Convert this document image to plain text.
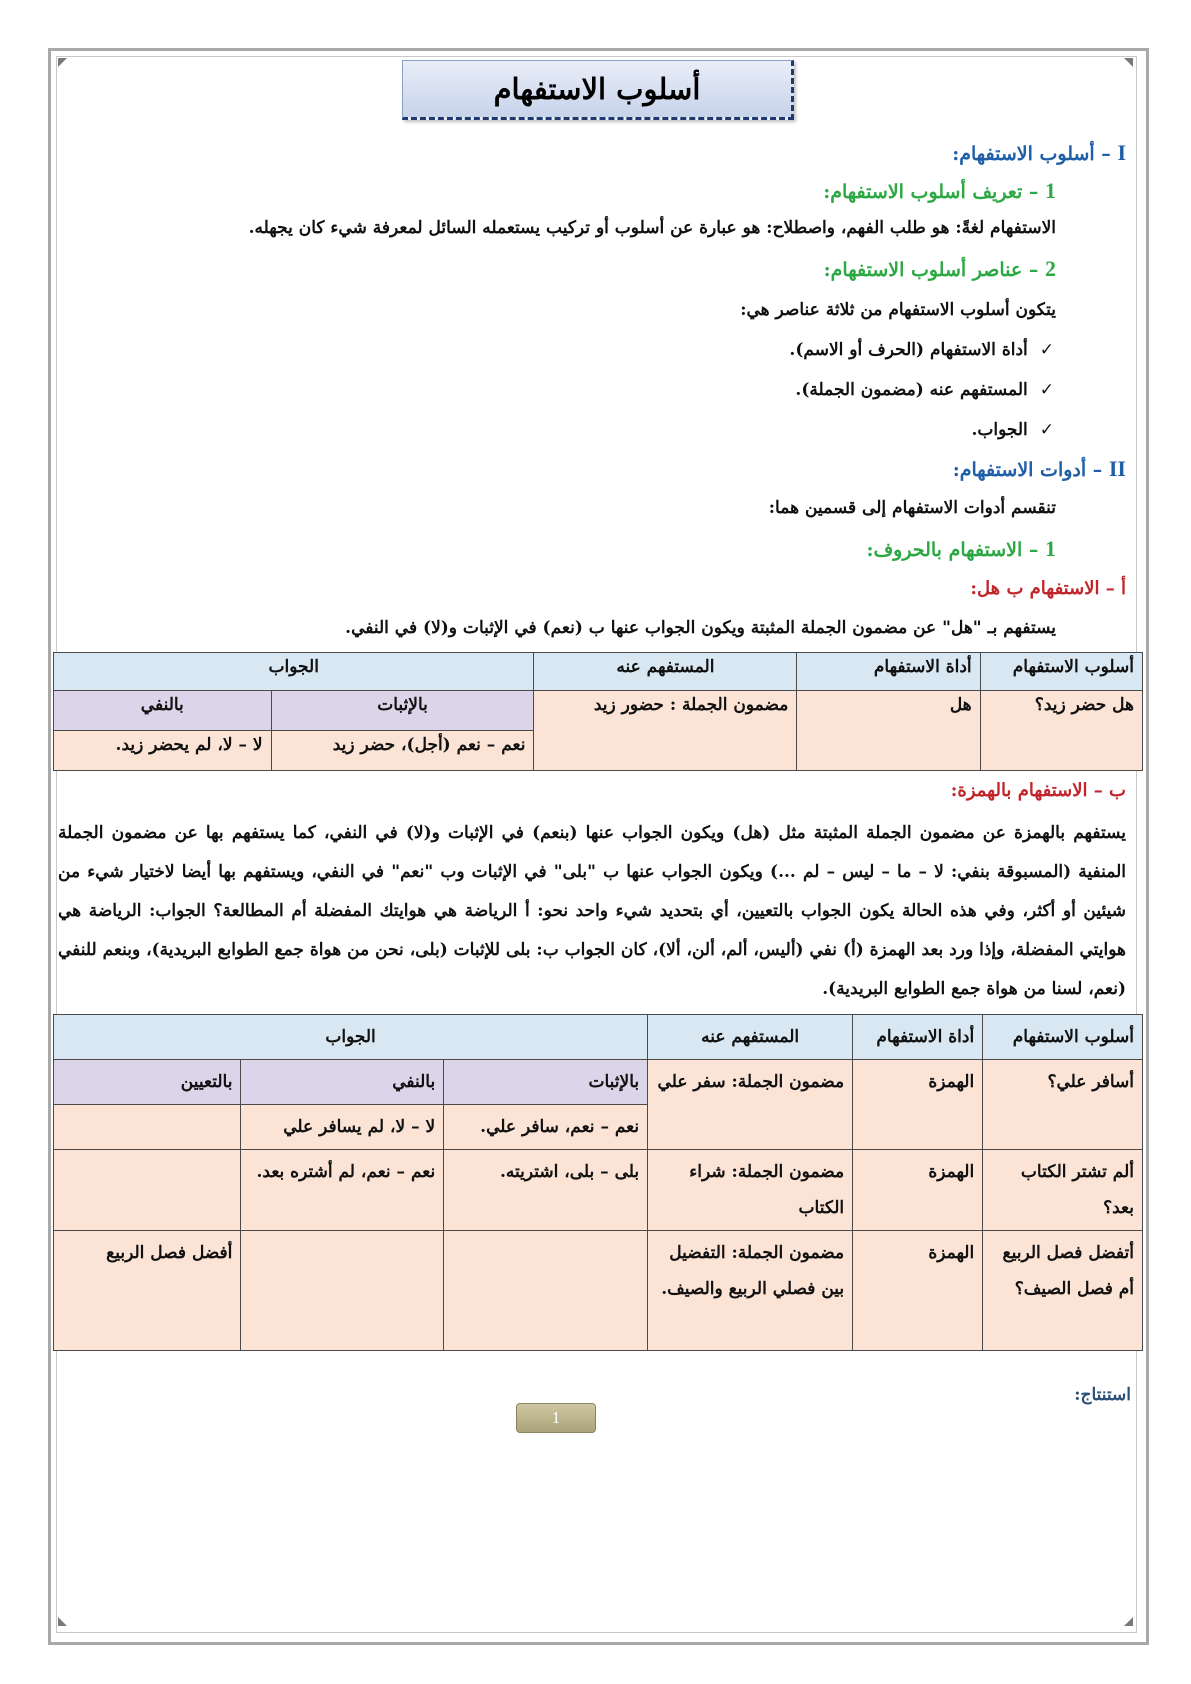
أسلوب الاستفهام
I – أسلوب الاستفهام:
1 – تعريف أسلوب الاستفهام:
الاستفهام لغةً: هو طلب الفهم، واصطلاح: هو عبارة عن أسلوب أو تركيب يستعمله السائل لمعرفة شيء كان يجهله.
2 – عناصر أسلوب الاستفهام:
يتكون أسلوب الاستفهام من ثلاثة عناصر هي:
✓أداة الاستفهام (الحرف أو الاسم).
✓المستفهم عنه (مضمون الجملة).
✓الجواب.
II – أدوات الاستفهام:
تنقسم أدوات الاستفهام إلى قسمين هما:
1 – الاستفهام بالحروف:
أ – الاستفهام ب هل:
يستفهم بـ "هل" عن مضمون الجملة المثبتة ويكون الجواب عنها ب (نعم) في الإثبات و(لا) في النفي.
ب – الاستفهام بالهمزة:
يستفهم بالهمزة عن مضمون الجملة المثبتة مثل (هل) ويكون الجواب عنها (بنعم) في الإثبات و(لا) في النفي، كما يستفهم بها عن مضمون الجملة المنفية (المسبوقة بنفي: لا – ما – ليس – لم ...) ويكون الجواب عنها ب "بلى" في الإثبات وب "نعم" في النفي، ويستفهم بها أيضا لاختيار شيء من شيئين أو أكثر، وفي هذه الحالة يكون الجواب بالتعيين، أي بتحديد شيء واحد نحو: أ الرياضة هي هوايتك المفضلة أم المطالعة؟ الجواب: الرياضة هي هوايتي المفضلة، وإذا ورد بعد الهمزة (أ) نفي (أليس، ألم، ألن، ألا)، كان الجواب ب: بلى للإثبات (بلى، نحن من هواة جمع الطوابع البريدية)، وبنعم للنفي (نعم، لسنا من هواة جمع الطوابع البريدية).
أسلوب الاستفهام	أداة الاستفهام	المستفهم عنه	الجواب	
هل حضر زيد؟	هل	مضمون الجملة : حضور زيد	بالإثبات	بالنفي
			نعم – نعم (أجل)، حضر زيد	لا – لا، لم يحضر زيد.
أسلوب الاستفهام	أداة الاستفهام	المستفهم عنه	الجواب		
أسافر علي؟	الهمزة	مضمون الجملة: سفر علي	بالإثبات	بالنفي	بالتعيين
			نعم – نعم، سافر علي.	لا – لا، لم يسافر علي	
ألم تشتر الكتاب بعد؟	الهمزة	مضمون الجملة: شراء الكتاب	بلى – بلى، اشتريته.	نعم – نعم، لم أشتره بعد.	
أتفضل فصل الربيع أم فصل الصيف؟	الهمزة	مضمون الجملة: التفضيل بين فصلي الربيع والصيف.			أفضل فصل الربيع
استنتاج:
1
